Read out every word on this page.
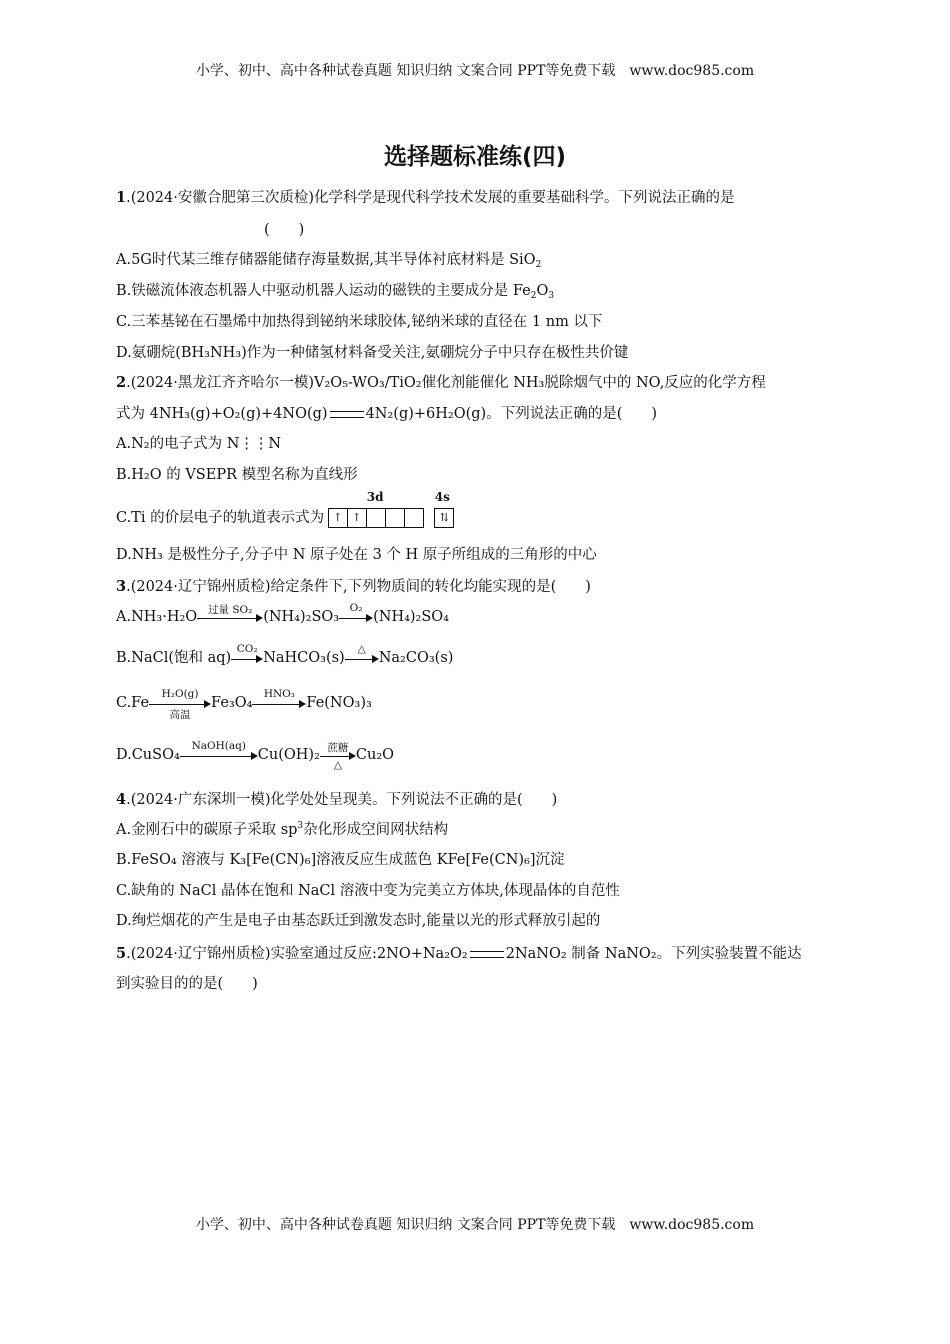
小学、初中、高中各种试卷真题 知识归纳 文案合同 PPT等免费下载　www.doc985.com
选择题标准练(四)
1.(2024·安徽合肥第三次质检)化学科学是现代科学技术发展的重要基础科学。下列说法正确的是
(　　)
A.5G时代某三维存储器能储存海量数据,其半导体衬底材料是 SiO$_2$
B.铁磁流体液态机器人中驱动机器人运动的磁铁的主要成分是 $Fe_2O_3$
C.三苯基铋在石墨烯中加热得到铋纳米球胶体,铋纳米球的直径在 1 nm 以下
D.氨硼烷(BH₃NH₃)作为一种储氢材料备受关注,氨硼烷分子中只存在极性共价键
2.(2024·黑龙江齐齐哈尔一模)V₂O₅-WO₃/TiO₂催化剂能催化 NH₃脱除烟气中的 NO,反应的化学方程
式为 4NH₃(g)+O₂(g)+4NO(g)	4N₂(g)+6H₂O(g)。下列说法正确的是(　　)
A.N₂的电子式为 N⋮⋮N
B.H₂O 的 VSEPR 模型名称为直线形
C.Ti 的价层电子的轨道表示式为
3d
↑ ↑
4s
⇅
D.NH₃ 是极性分子,分子中 N 原子处在 3 个 H 原子所组成的三角形的中心
3.(2024·辽宁锦州质检)给定条件下,下列物质间的转化均能实现的是(　　)
A.NH₃·H₂O	过量 SO₂ (NH₄)₂SO₃
O₂
(NH₄)₂SO₄
B.NaCl(饱和 aq)
CO₂
NaHCO₃(s)
△
Na₂CO₃(s)
C.Fe
H₂O(g)
高温
Fe₃O₄
HNO₃
Fe(NO₃)₃
D.CuSO₄
NaOH(aq)
Cu(OH)₂ 蔗糖
△
Cu₂O
4.(2024·广东深圳一模)化学处处呈现美。下列说法不正确的是(　　)
A.金刚石中的碳原子采取 $sp^3$杂化形成空间网状结构
B.FeSO₄ 溶液与 K₃[Fe(CN)₆]溶液反应生成蓝色 KFe[Fe(CN)₆]沉淀
C.缺角的 NaCl 晶体在饱和 NaCl 溶液中变为完美立方体块,体现晶体的自范性
D.绚烂烟花的产生是电子由基态跃迁到激发态时,能量以光的形式释放引起的
5.(2024·辽宁锦州质检)实验室通过反应:2NO+Na₂O₂	2NaNO₂ 制备 NaNO₂。下列实验装置不能达
到实验目的的是(　　)
小学、初中、高中各种试卷真题 知识归纳 文案合同 PPT等免费下载　www.doc985.com
